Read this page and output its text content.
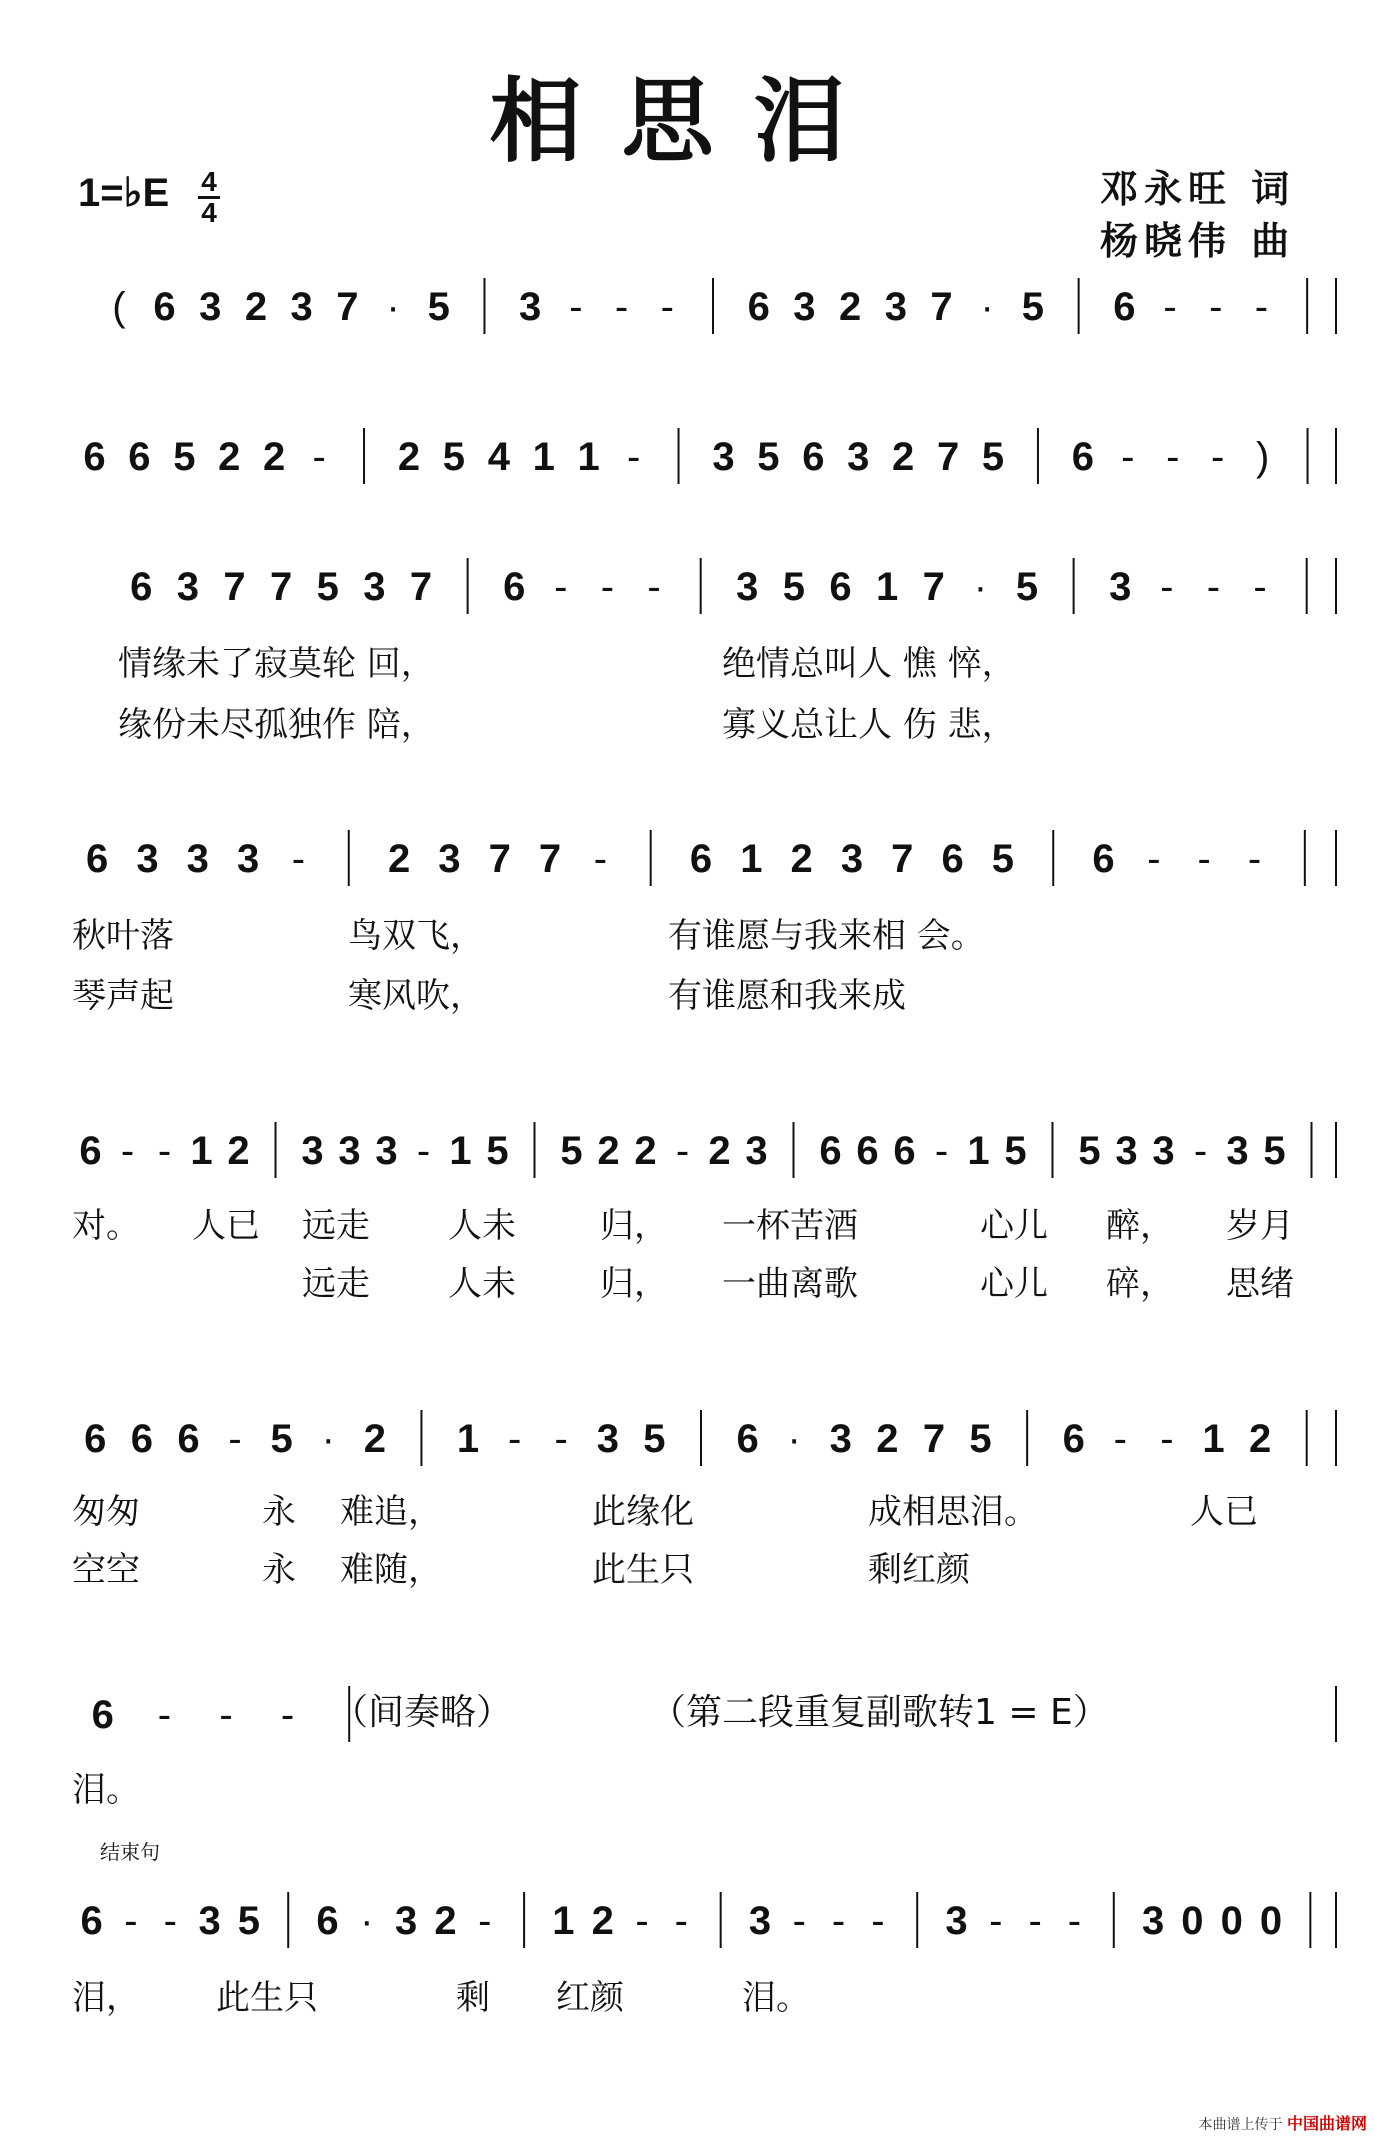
相思泪
1=♭E 4
4
邓永旺 词
杨晓伟 曲
( 6 3 2 3 7 · 5 3 - - - 6 3 2 3 7 · 5 6 - - -
6 6 5 2 2 - 2 5 4 1 1 - 3 5 6 3 2 7 5 6 - - - )
6 3 7 7 5 3 7 6 - - - 3 5 6 1 7 · 5 3 - - -
6 3 3 3 - 2 3 7 7 - 6 1 2 3 7 6 5 6 - - -
6 - - 1 2 3 3 3 - 1 5 5 2 2 - 2 3 6 6 6 - 1 5 5 3 3 - 3 5
6 6 6 - 5 · 2 1 - - 3 5 6 · 3 2 7 5 6 - - 1 2
6 - - -
6 - - 3 5 6 · 3 2 - 1 2 - - 3 - - - 3 - - - 3 0 0 0
情缘未了寂莫轮 回，	绝情总叫人 憔 悴，
缘份未尽孤独作 陪，	寡义总让人 伤 悲，
秋叶落	鸟双飞，	有谁愿与我来相 会。
琴声起	寒风吹，	有谁愿和我来成
对。 人已 远走 人未 归， 一杯苦酒	心儿 醉， 岁月
远走 人未 归， 一曲离歌	心儿 碎， 思绪
匆匆	永 难追，	此缘化	成相思泪。	人已
空空	永 难随，	此生只	剩红颜
泪。
泪， 此生只	剩 红颜	泪。
（间奏略）	（第二段重复副歌转1 = E）
结束句
本曲谱上传于 中国曲谱网
